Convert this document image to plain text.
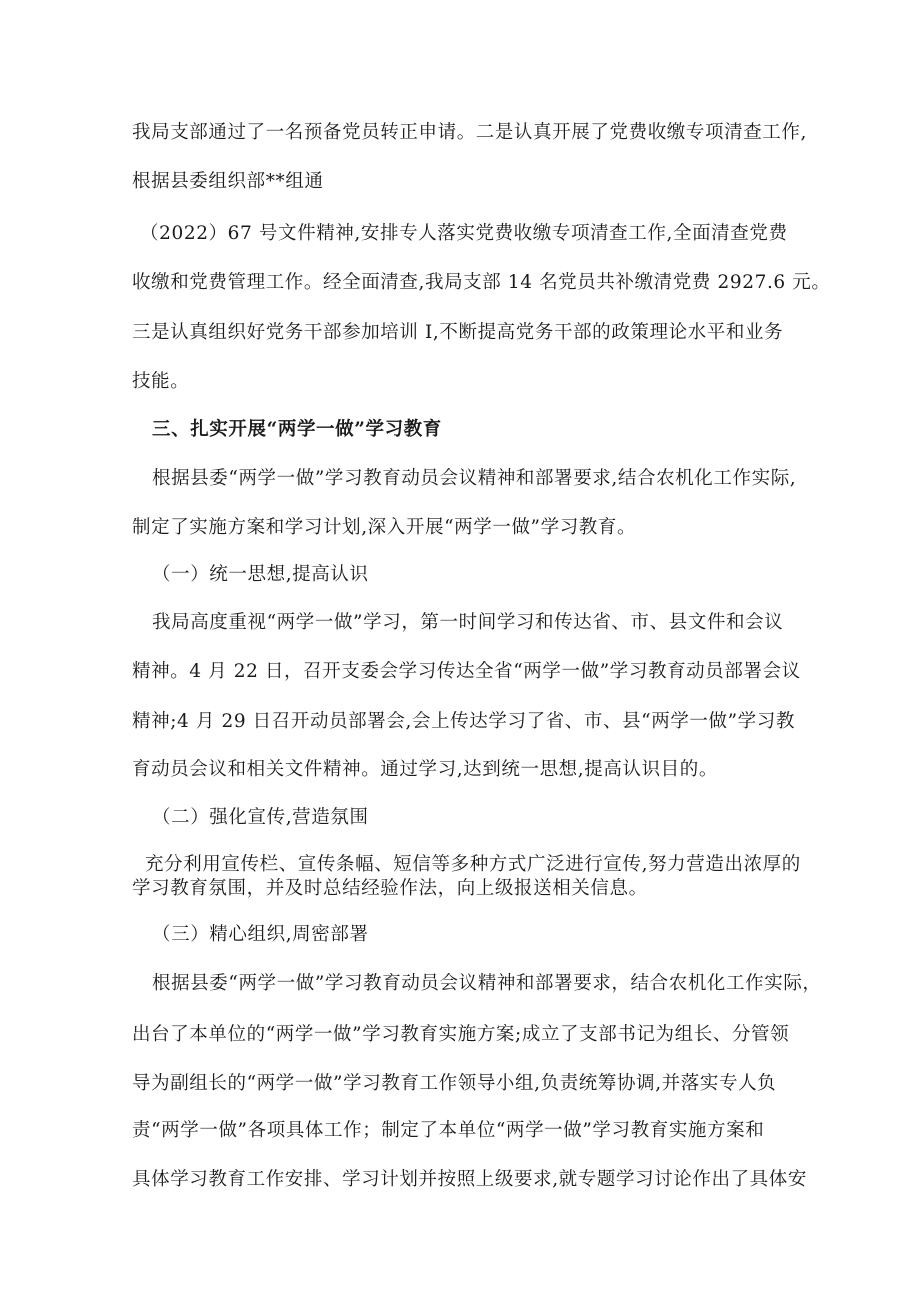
我局支部通过了一名预备党员转正申请。二是认真开展了党费收缴专项清查工作,
根据县委组织部**组通
（2022）67 号文件精神,安排专人落实党费收缴专项清查工作,全面清查党费
收缴和党费管理工作。经全面清查,我局支部 14 名党员共补缴清党费 2927.6 元。
三是认真组织好党务干部参加培训 I,不断提高党务干部的政策理论水平和业务
技能。
三、扎实开展“两学一做”学习教育
根据县委“两学一做”学习教育动员会议精神和部署要求,结合农机化工作实际,
制定了实施方案和学习计划,深入开展“两学一做”学习教育。
（一）统一思想,提高认识
我局高度重视“两学一做”学习，第一时间学习和传达省、市、县文件和会议
精神。4 月 22 日，召开支委会学习传达全省“两学一做”学习教育动员部署会议
精神;4 月 29 日召开动员部署会,会上传达学习了省、市、县“两学一做”学习教
育动员会议和相关文件精神。通过学习,达到统一思想,提高认识目的。
（二）强化宣传,营造氛围
充分利用宣传栏、宣传条幅、短信等多种方式广泛进行宣传,努力营造出浓厚的
学习教育氛围，并及时总结经验作法，向上级报送相关信息。
（三）精心组织,周密部署
根据县委“两学一做”学习教育动员会议精神和部署要求，结合农机化工作实际，
出台了本单位的“两学一做”学习教育实施方案;成立了支部书记为组长、分管领
导为副组长的“两学一做”学习教育工作领导小组,负责统筹协调,并落实专人负
责“两学一做”各项具体工作；制定了本单位“两学一做”学习教育实施方案和
具体学习教育工作安排、学习计划并按照上级要求,就专题学习讨论作出了具体安
